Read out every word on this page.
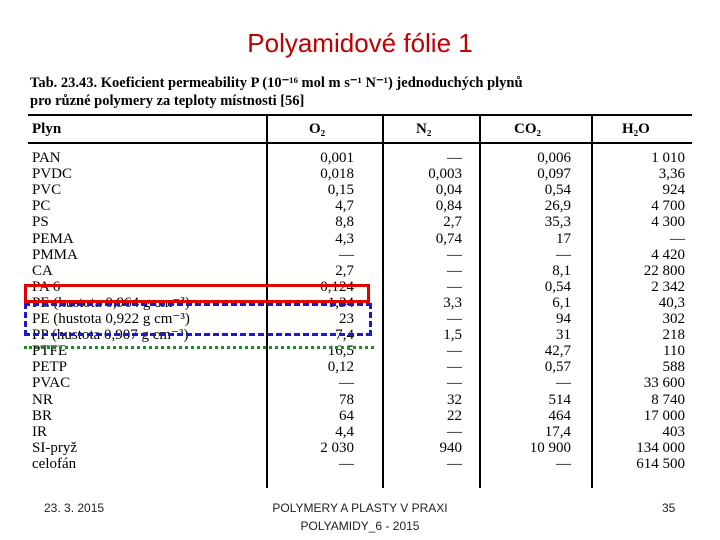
Polyamidové fólie 1
Tab. 23.43. Koeficient permeability P (10⁻¹⁶ mol m s⁻¹ N⁻¹) jednoduchých plynů
pro různé polymery za teploty místnosti [56]
Plyn	O₂	N₂	CO₂	H₂O
PAN	0,001	—	0,006	1 010
PVDC	0,018	0,003	0,097	3,36
PVC	0,15	0,04	0,54	924
PC	4,7	0,84	26,9	4 700
PS	8,8	2,7	35,3	4 300
PEMA	4,3	0,74	17	—
PMMA	—	—	—	4 420
CA	2,7	—	8,1	22 800
PA 6	0,124	—	0,54	2 342
PE (hustota 0,964 g cm⁻³)	1,34	3,3	6,1	40,3
PE (hustota 0,922 g cm⁻³)	23	—	94	302
PP (hustota 0,907 g cm⁻³)	7,4	1,5	31	218
PTFE	16,5	—	42,7	110
PETP	0,12	—	0,57	588
PVAC	—	—	—	33 600
NR	78	32	514	8 740
BR	64	22	464	17 000
IR	4,4	—	17,4	403
SI-pryž	2 030	940	10 900	134 000
celofán	—	—	—	614 500
23. 3. 2015	POLYMERY A PLASTY V PRAXI
POLYAMIDY_6 - 2015
35
